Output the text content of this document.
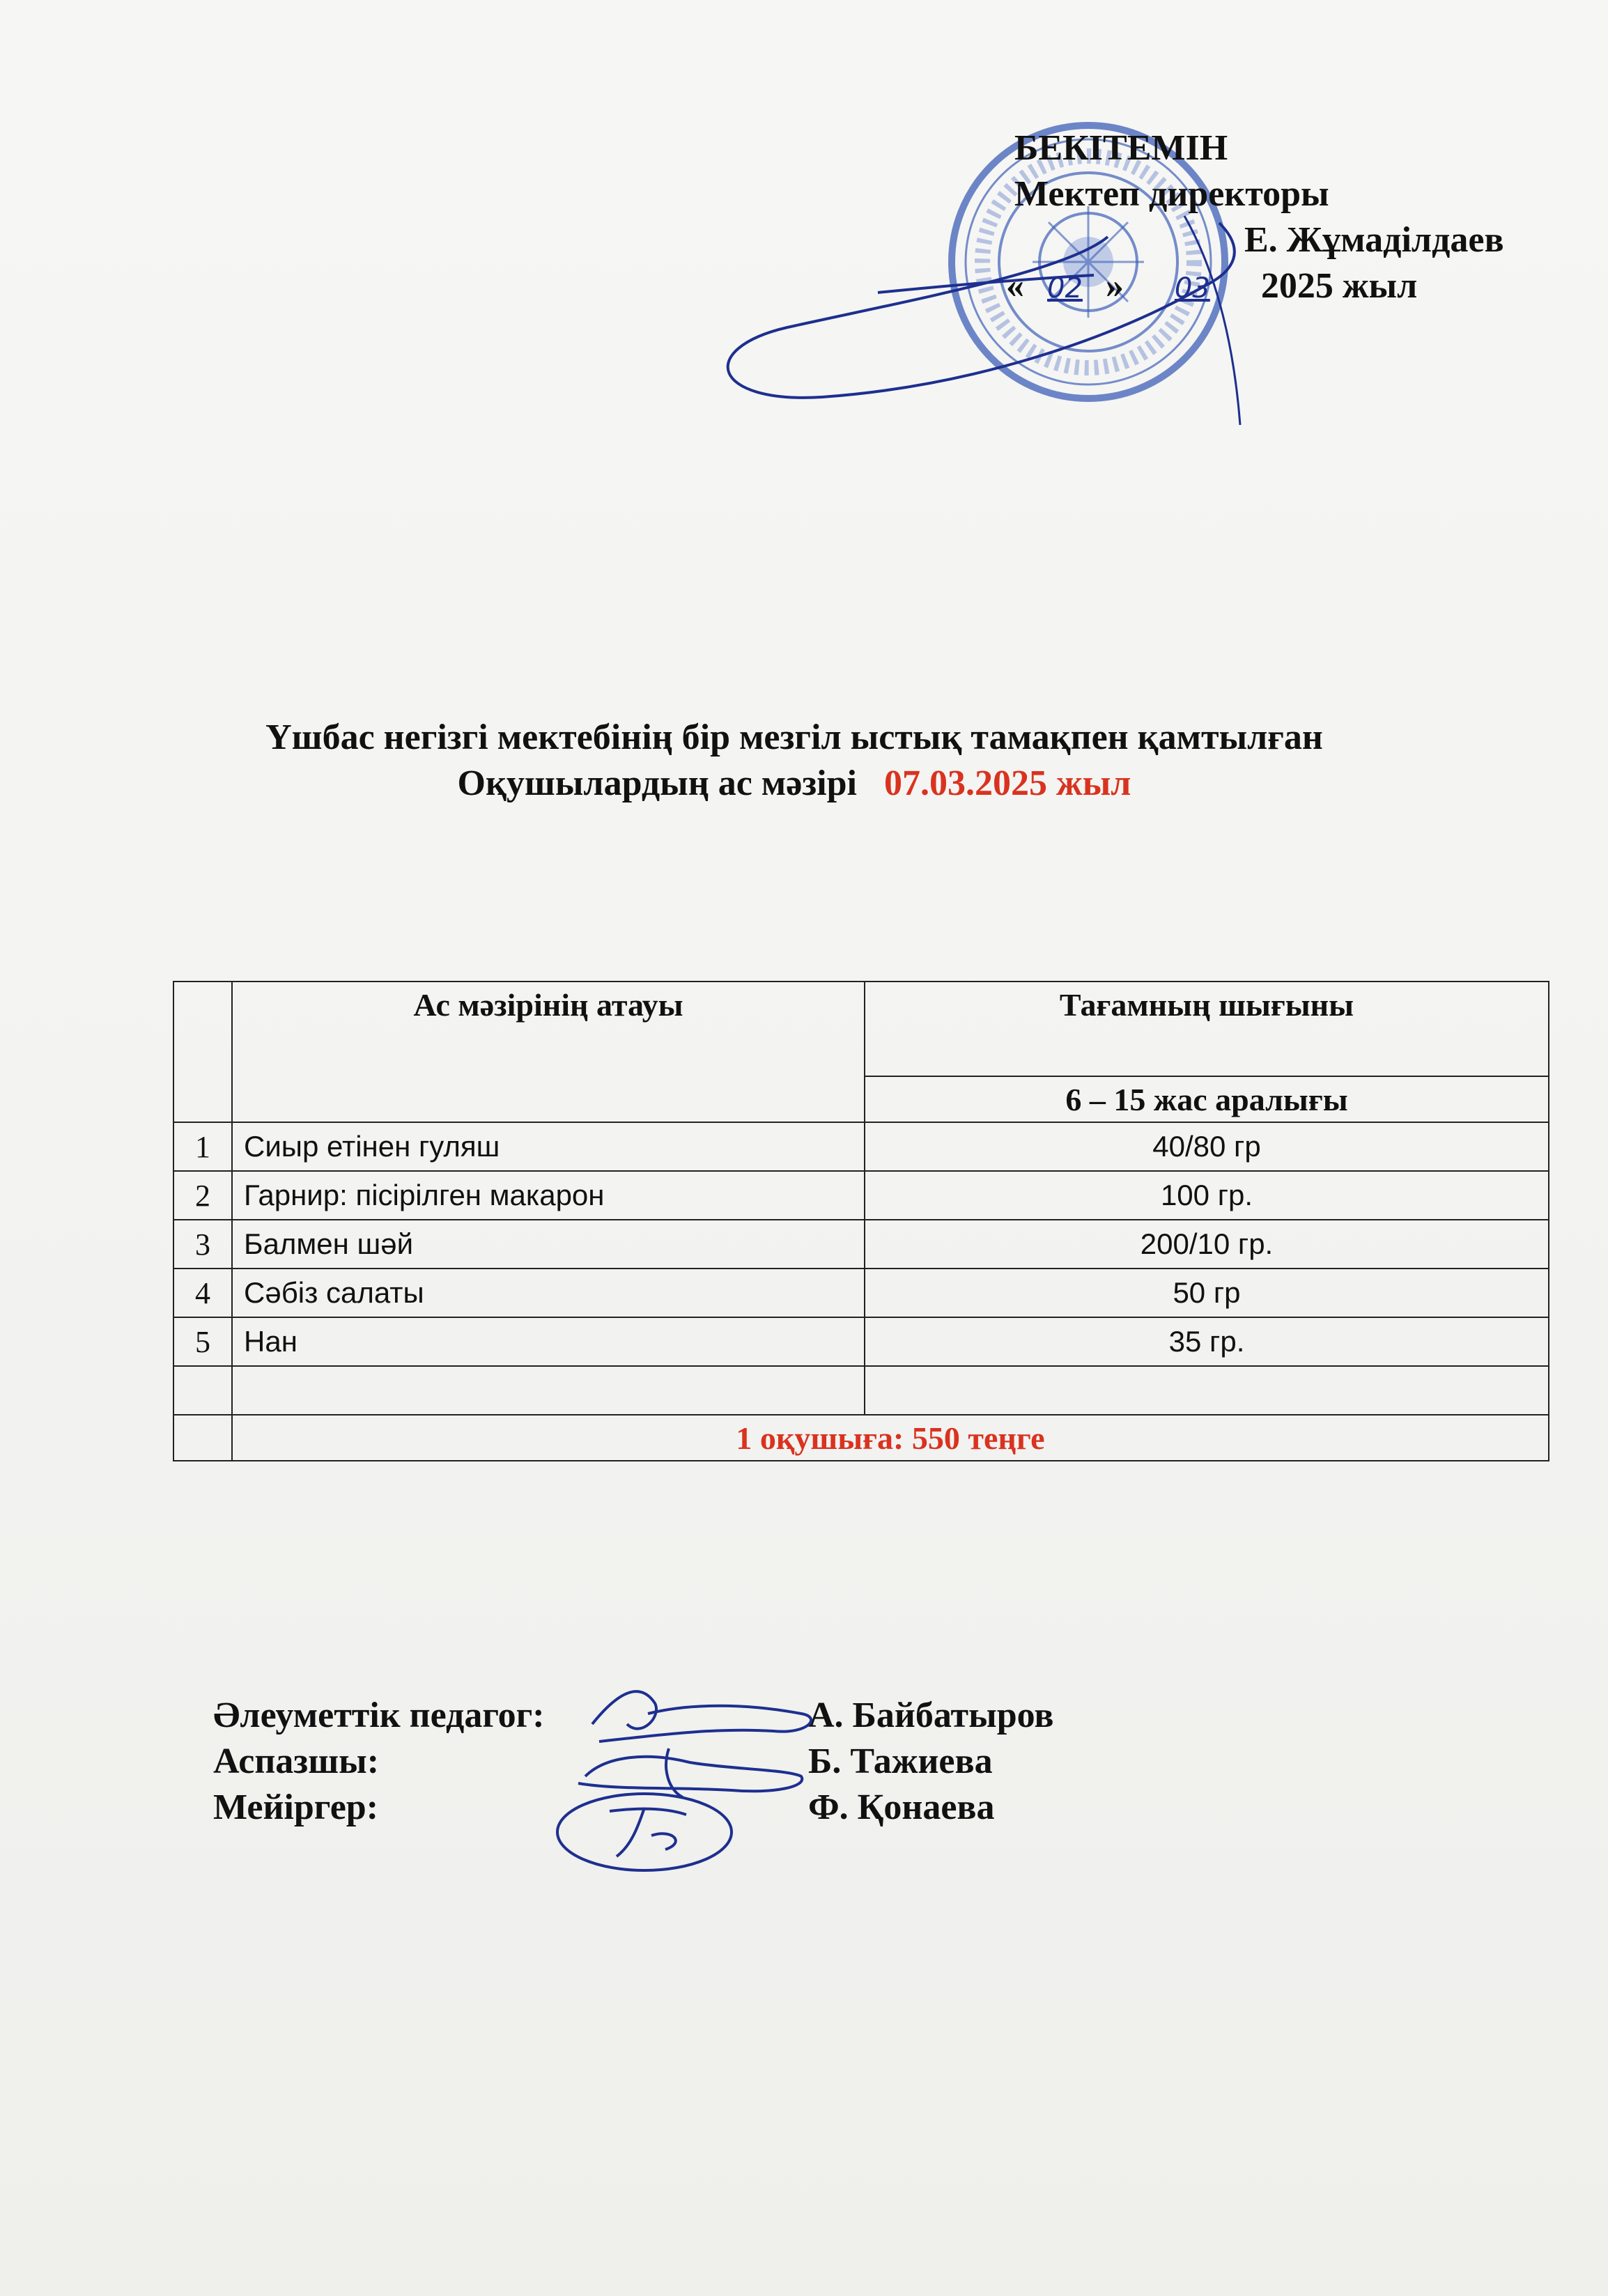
БЕКІТЕМІН
Мектеп директоры
Е. Жұмаділдаев
« 02 » 03 2025 жыл
Үшбас негізгі мектебінің бір мезгіл ыстық тамақпен қамтылған
Оқушылардың ас мәзірі 07.03.2025 жыл
	Ас мәзірінің атауы	Тағамның шығыны
		6 – 15 жас аралығы
1	Сиыр етінен гуляш	40/80 гр
2	Гарнир: пісірілген макарон	100 гр.
3	Балмен шәй	200/10 гр.
4	Сәбіз салаты	50 гр
5	Нан	35 гр.

	1 оқушыға: 550 теңге	
Әлеуметтік педагог:	А. Байбатыров
Аспазшы:	Б. Тажиева
Мейіргер:	Ф. Қонаева
